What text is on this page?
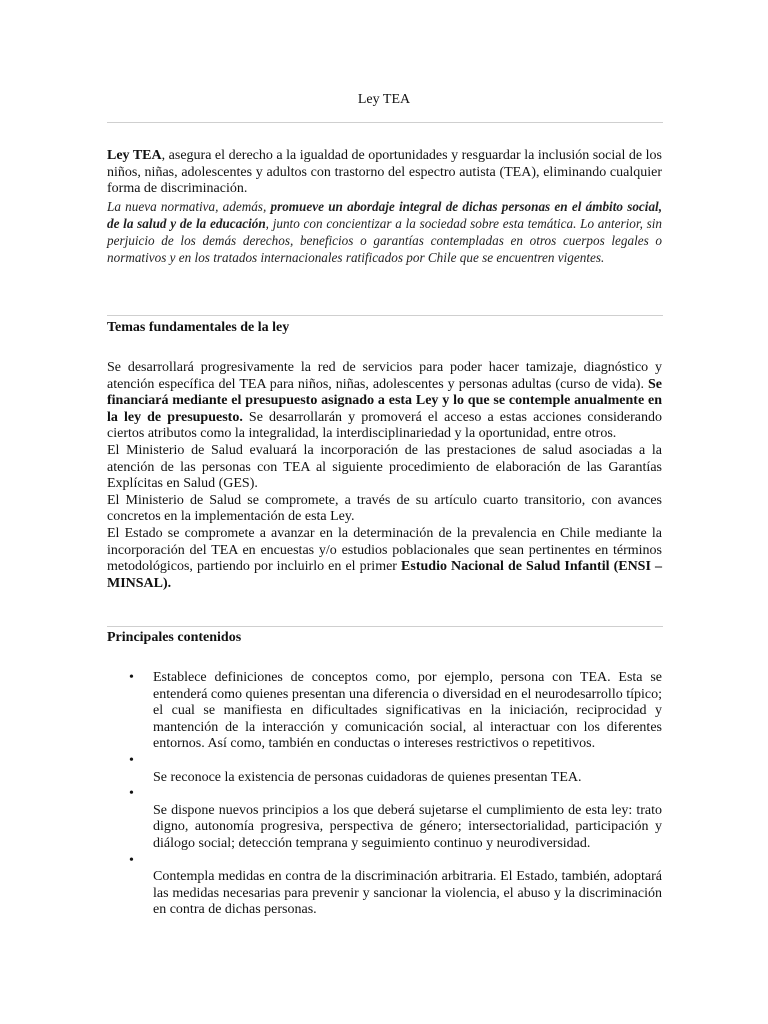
Ley TEA

Ley TEA, asegura el derecho a la igualdad de oportunidades y resguardar la inclusión social de los niños, niñas, adolescentes y adultos con trastorno del espectro autista (TEA), eliminando cualquier forma de discriminación.

La nueva normativa, además, promueve un abordaje integral de dichas personas en el ámbito social, de la salud y de la educación, junto con concientizar a la sociedad sobre esta temática. Lo anterior, sin perjuicio de los demás derechos, beneficios o garantías contempladas en otros cuerpos legales o normativos y en los tratados internacionales ratificados por Chile que se encuentren vigentes.

Temas fundamentales de la ley

Se desarrollará progresivamente la red de servicios para poder hacer tamizaje, diagnóstico y atención específica del TEA para niños, niñas, adolescentes y personas adultas (curso de vida). Se financiará mediante el presupuesto asignado a esta Ley y lo que se contemple anualmente en la ley de presupuesto. Se desarrollarán y promoverá el acceso a estas acciones considerando ciertos atributos como la integralidad, la interdisciplinariedad y la oportunidad, entre otros.

El Ministerio de Salud evaluará la incorporación de las prestaciones de salud asociadas a la atención de las personas con TEA al siguiente procedimiento de elaboración de las Garantías Explícitas en Salud (GES).

El Ministerio de Salud se compromete, a través de su artículo cuarto transitorio, con avances concretos en la implementación de esta Ley.

El Estado se compromete a avanzar en la determinación de la prevalencia en Chile mediante la incorporación del TEA en encuestas y/o estudios poblacionales que sean pertinentes en términos metodológicos, partiendo por incluirlo en el primer Estudio Nacional de Salud Infantil (ENSI – MINSAL).

Principales contenidos
• Establece definiciones de conceptos como, por ejemplo, persona con TEA. Esta se entenderá como quienes presentan una diferencia o diversidad en el neurodesarrollo típico; el cual se manifiesta en dificultades significativas en la iniciación, reciprocidad y mantención de la interacción y comunicación social, al interactuar con los diferentes entornos. Así como, también en conductas o intereses restrictivos o repetitivos.
•
Se reconoce la existencia de personas cuidadoras de quienes presentan TEA.
•
Se dispone nuevos principios a los que deberá sujetarse el cumplimiento de esta ley: trato digno, autonomía progresiva, perspectiva de género; intersectorialidad, participación y diálogo social; detección temprana y seguimiento continuo y neurodiversidad.
•
Contempla medidas en contra de la discriminación arbitraria. El Estado, también, adoptará las medidas necesarias para prevenir y sancionar la violencia, el abuso y la discriminación en contra de dichas personas.
